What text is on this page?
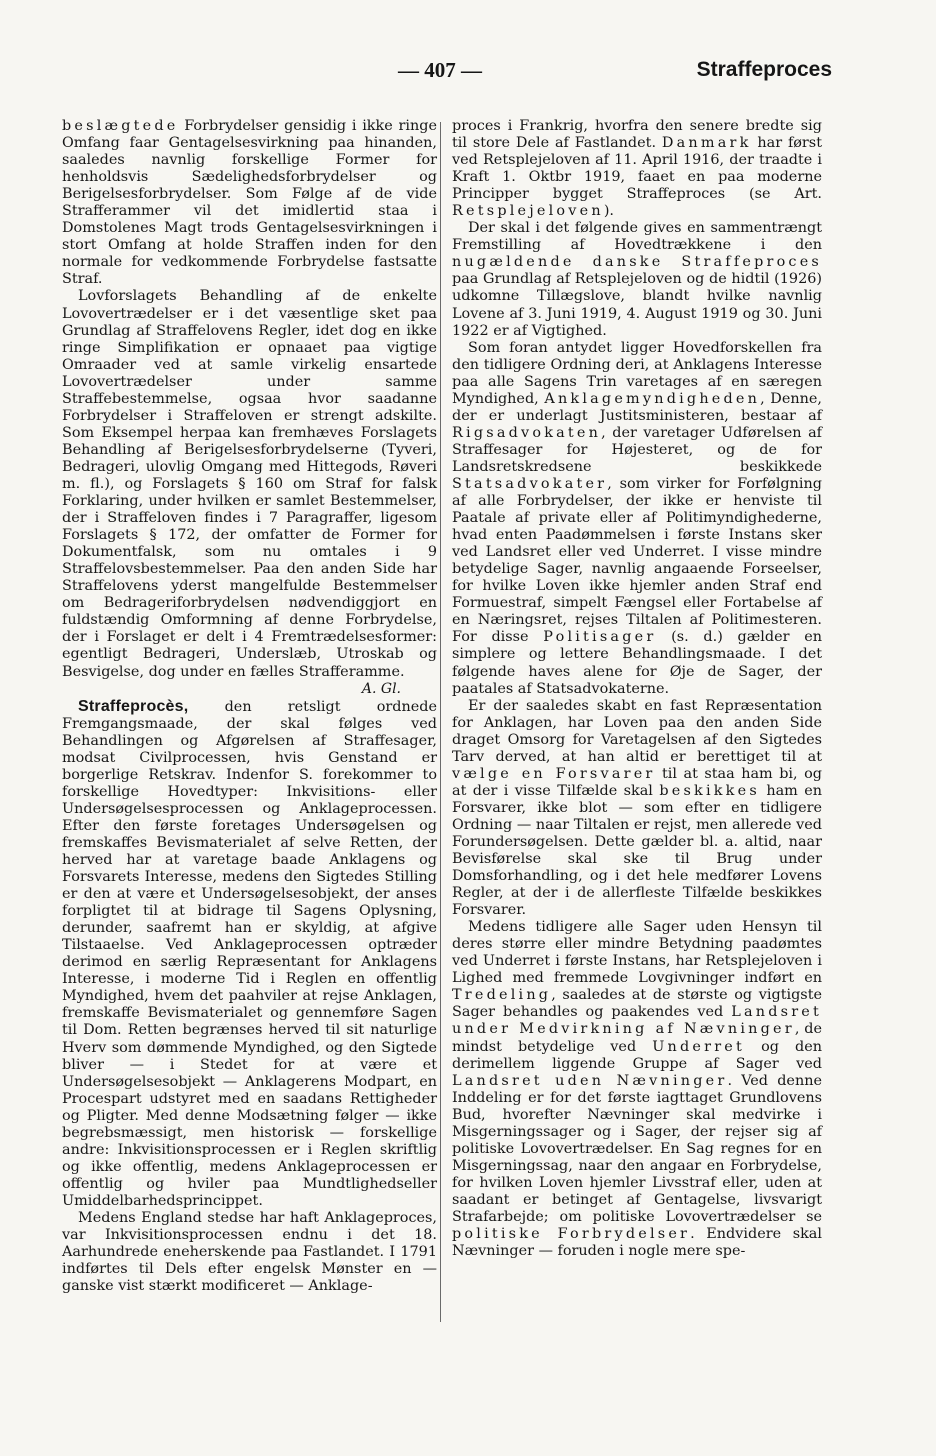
— 407 —	Straffeproces

beslægtede Forbrydelser gensidig i ikke ringe Omfang faar Gentagelsesvirkning paa hinanden, saaledes navnlig forskellige Former for henholdsvis Sædelighedsforbrydelser og Berigelsesforbrydelser. Som Følge af de vide Strafferammer vil det imidlertid staa i Domstolenes Magt trods Gentagelsesvirkningen i stort Omfang at holde Straffen inden for den normale for vedkommende Forbrydelse fastsatte Straf.

Lovforslagets Behandling af de enkelte Lovovertrædelser er i det væsentlige sket paa Grundlag af Straffelovens Regler, idet dog en ikke ringe Simplifikation er opnaaet paa vigtige Omraader ved at samle virkelig ensartede Lovovertrædelser under samme Straffebestemmelse, ogsaa hvor saadanne Forbrydelser i Straffeloven er strengt adskilte. Som Eksempel herpaa kan fremhæves Forslagets Behandling af Berigelsesforbrydelserne (Tyveri, Bedrageri, ulovlig Omgang med Hittegods, Røveri m. fl.), og Forslagets § 160 om Straf for falsk Forklaring, under hvilken er samlet Bestemmelser, der i Straffeloven findes i 7 Paragraffer, ligesom Forslagets § 172, der omfatter de Former for Dokumentfalsk, som nu omtales i 9 Straffelovsbestemmelser. Paa den anden Side har Straffelovens yderst mangelfulde Bestemmelser om Bedrageriforbrydelsen nødvendiggjort en fuldstændig Omformning af denne Forbrydelse, der i Forslaget er delt i 4 Fremtrædelsesformer: egentligt Bedrageri, Underslæb, Utroskab og Besvigelse, dog under en fælles Strafferamme.

A. Gl.

Straffeprocès, den retsligt ordnede Fremgangsmaade, der skal følges ved Behandlingen og Afgørelsen af Straffesager, modsat Civilprocessen, hvis Genstand er borgerlige Retskrav. Indenfor S. forekommer to forskellige Hovedtyper: Inkvisitions- eller Undersøgelsesprocessen og Anklageprocessen. Efter den første foretages Undersøgelsen og fremskaffes Bevismaterialet af selve Retten, der herved har at varetage baade Anklagens og Forsvarets Interesse, medens den Sigtedes Stilling er den at være et Undersøgelsesobjekt, der anses forpligtet til at bidrage til Sagens Oplysning, derunder, saafremt han er skyldig, at afgive Tilstaaelse. Ved Anklageprocessen optræder derimod en særlig Repræsentant for Anklagens Interesse, i moderne Tid i Reglen en offentlig Myndighed, hvem det paahviler at rejse Anklagen, fremskaffe Bevismaterialet og gennemføre Sagen til Dom. Retten begrænses herved til sit naturlige Hverv som dømmende Myndighed, og den Sigtede bliver — i Stedet for at være et Undersøgelsesobjekt — Anklagerens Modpart, en Procespart udstyret med en saadans Rettigheder og Pligter. Med denne Modsætning følger — ikke begrebsmæssigt, men historisk — forskellige andre: Inkvisitionsprocessen er i Reglen skriftlig og ikke offentlig, medens Anklageprocessen er offentlig og hviler paa Mundtlighedseller Umiddelbarhedsprincippet.

Medens England stedse har haft Anklageproces, var Inkvisitionsprocessen endnu i det 18. Aarhundrede eneherskende paa Fastlandet. I 1791 indførtes til Dels efter engelsk Mønster en — ganske vist stærkt modificeret — Anklage-

proces i Frankrig, hvorfra den senere bredte sig til store Dele af Fastlandet. Danmark har først ved Retsplejeloven af 11. April 1916, der traadte i Kraft 1. Oktbr 1919, faaet en paa moderne Principper bygget Straffeproces (se Art. Retsplejeloven).

Der skal i det følgende gives en sammentrængt Fremstilling af Hovedtrækkene i den nugældende danske Straffeproces paa Grundlag af Retsplejeloven og de hidtil (1926) udkomne Tillægslove, blandt hvilke navnlig Lovene af 3. Juni 1919, 4. August 1919 og 30. Juni 1922 er af Vigtighed.

Som foran antydet ligger Hovedforskellen fra den tidligere Ordning deri, at Anklagens Interesse paa alle Sagens Trin varetages af en særegen Myndighed, Anklagemyndigheden, Denne, der er underlagt Justitsministeren, bestaar af Rigsadvokaten, der varetager Udførelsen af Straffesager for Højesteret, og de for Landsretskredsene beskikkede Statsadvokater, som virker for Forfølgning af alle Forbrydelser, der ikke er henviste til Paatale af private eller af Politimyndighederne, hvad enten Paadømmelsen i første Instans sker ved Landsret eller ved Underret. I visse mindre betydelige Sager, navnlig angaaende Forseelser, for hvilke Loven ikke hjemler anden Straf end Formuestraf, simpelt Fængsel eller Fortabelse af en Næringsret, rejses Tiltalen af Politimesteren. For disse Politisager (s. d.) gælder en simplere og lettere Behandlingsmaade. I det følgende haves alene for Øje de Sager, der paatales af Statsadvokaterne.

Er der saaledes skabt en fast Repræsentation for Anklagen, har Loven paa den anden Side draget Omsorg for Varetagelsen af den Sigtedes Tarv derved, at han altid er berettiget til at vælge en Forsvarer til at staa ham bi, og at der i visse Tilfælde skal beskikkes ham en Forsvarer, ikke blot — som efter en tidligere Ordning — naar Tiltalen er rejst, men allerede ved Forundersøgelsen. Dette gælder bl. a. altid, naar Bevisførelse skal ske til Brug under Domsforhandling, og i det hele medfører Lovens Regler, at der i de allerfleste Tilfælde beskikkes Forsvarer.

Medens tidligere alle Sager uden Hensyn til deres større eller mindre Betydning paadømtes ved Underret i første Instans, har Retsplejeloven i Lighed med fremmede Lovgivninger indført en Tredeling, saaledes at de største og vigtigste Sager behandles og paakendes ved Landsret under Medvirkning af Nævninger, de mindst betydelige ved Underret og den derimellem liggende Gruppe af Sager ved Landsret uden Nævninger. Ved denne Inddeling er for det første iagttaget Grundlovens Bud, hvorefter Nævninger skal medvirke i Misgerningssager og i Sager, der rejser sig af politiske Lovovertrædelser. En Sag regnes for en Misgerningssag, naar den angaar en Forbrydelse, for hvilken Loven hjemler Livsstraf eller, uden at saadant er betinget af Gentagelse, livsvarigt Strafarbejde; om politiske Lovovertrædelser se politiske Forbrydelser. Endvidere skal Nævninger — foruden i nogle mere spe-
